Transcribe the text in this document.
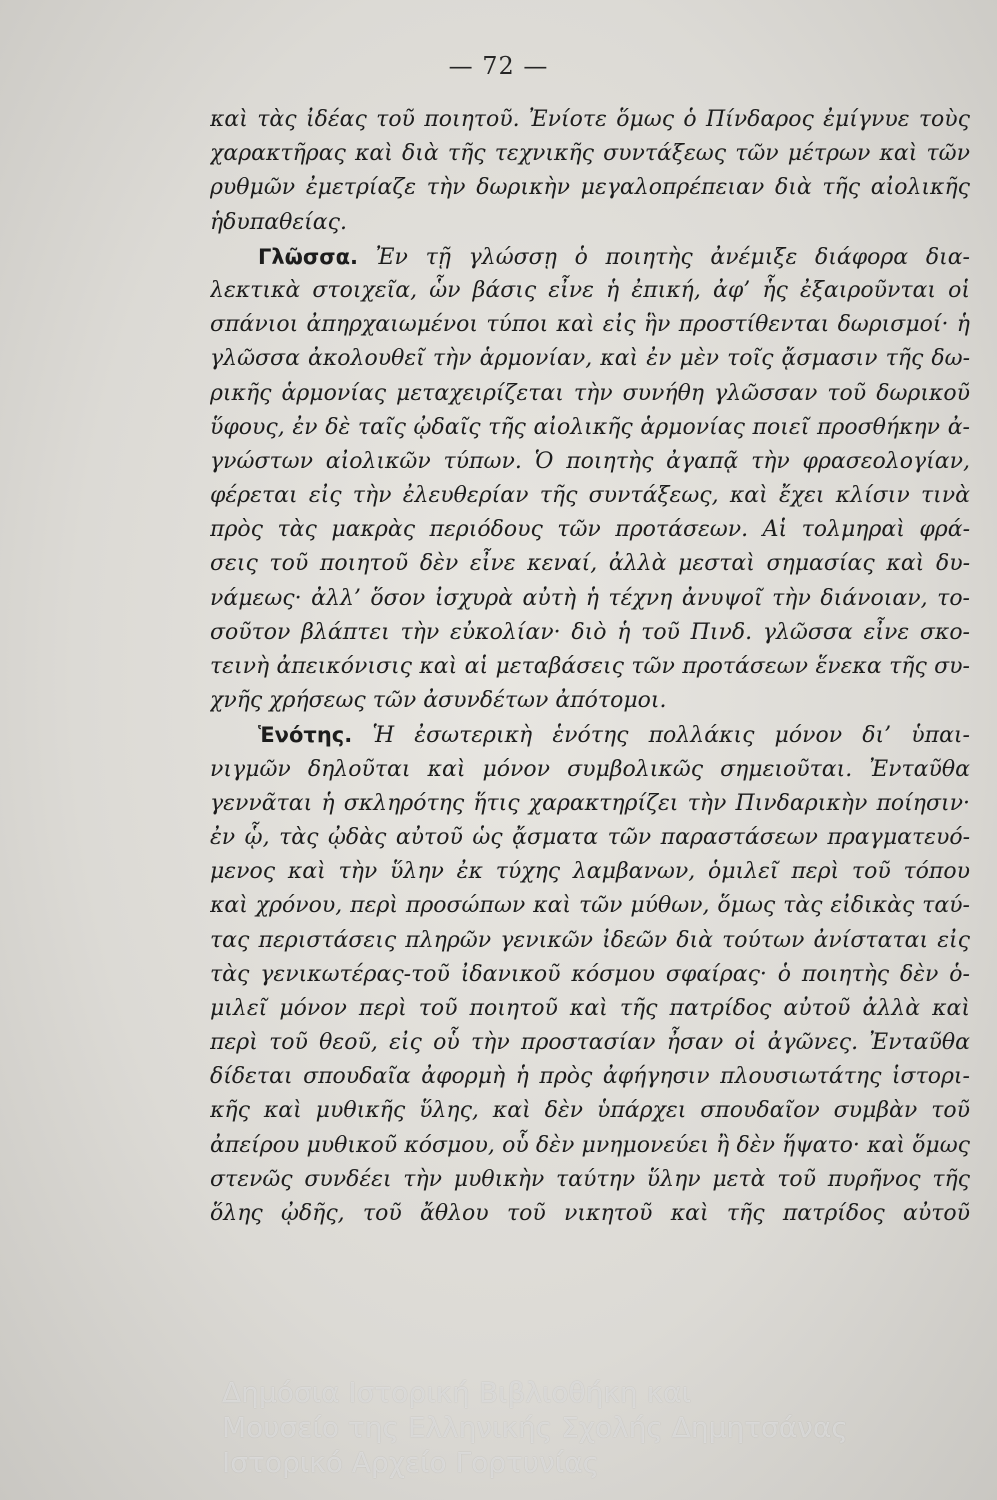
— 72 —
καὶ τὰς ἰδέας τοῦ ποιητοῦ. Ἐνίοτε ὅμως ὁ Πίνδαρος ἐμίγνυε τοὺς
χαρακτῆρας καὶ διὰ τῆς τεχνικῆς συντάξεως τῶν μέτρων καὶ τῶν
ρυθμῶν ἐμετρίαζε τὴν δωρικὴν μεγαλοπρέπειαν διὰ τῆς αἰολικῆς
ἡδυπαθείας.
Γλῶσσα. Ἐν τῇ γλώσσῃ ὁ ποιητὴς ἀνέμιξε διάφορα δια-
λεκτικὰ στοιχεῖα, ὧν βάσις εἶνε ἡ ἐπική, ἀφ’ ἧς ἐξαιροῦνται οἱ
σπάνιοι ἀπηρχαιωμένοι τύποι καὶ εἰς ἣν προστίθενται δωρισμοί· ἡ
γλῶσσα ἀκολουθεῖ τὴν ἁρμονίαν, καὶ ἐν μὲν τοῖς ᾄσμασιν τῆς δω-
ρικῆς ἁρμονίας μεταχειρίζεται τὴν συνήθη γλῶσσαν τοῦ δωρικοῦ
ὕφους, ἐν δὲ ταῖς ᾠδαῖς τῆς αἰολικῆς ἁρμονίας ποιεῖ προσθήκην ἀ-
γνώστων αἰολικῶν τύπων. Ὁ ποιητὴς ἀγαπᾷ τὴν φρασεολογίαν,
φέρεται εἰς τὴν ἐλευθερίαν τῆς συντάξεως, καὶ ἔχει κλίσιν τινὰ
πρὸς τὰς μακρὰς περιόδους τῶν προτάσεων. Αἱ τολμηραὶ φρά-
σεις τοῦ ποιητοῦ δὲν εἶνε κεναί, ἀλλὰ μεσταὶ σημασίας καὶ δυ-
νάμεως· ἀλλ’ ὅσον ἰσχυρὰ αὐτὴ ἡ τέχνη ἀνυψοῖ τὴν διάνοιαν, το-
σοῦτον βλάπτει τὴν εὐκολίαν· διὸ ἡ τοῦ Πινδ. γλῶσσα εἶνε σκο-
τεινὴ ἀπεικόνισις καὶ αἱ μεταβάσεις τῶν προτάσεων ἕνεκα τῆς συ-
χνῆς χρήσεως τῶν ἀσυνδέτων ἀπότομοι.
Ἑνότης. Ἡ ἐσωτερικὴ ἑνότης πολλάκις μόνον δι’ ὑπαι-
νιγμῶν δηλοῦται καὶ μόνον συμβολικῶς σημειοῦται. Ἐνταῦθα
γεννᾶται ἡ σκληρότης ἥτις χαρακτηρίζει τὴν Πινδαρικὴν ποίησιν·
ἐν ᾧ, τὰς ᾠδὰς αὐτοῦ ὡς ᾄσματα τῶν παραστάσεων πραγματευό-
μενος καὶ τὴν ὕλην ἐκ τύχης λαμβανων, ὁμιλεῖ περὶ τοῦ τόπου
καὶ χρόνου, περὶ προσώπων καὶ τῶν μύθων, ὅμως τὰς εἰδικὰς ταύ-
τας περιστάσεις πληρῶν γενικῶν ἰδεῶν διὰ τούτων ἀνίσταται εἰς
τὰς γενικωτέρας-τοῦ ἰδανικοῦ κόσμου σφαίρας· ὁ ποιητὴς δὲν ὁ-
μιλεῖ μόνον περὶ τοῦ ποιητοῦ καὶ τῆς πατρίδος αὐτοῦ ἀλλὰ καὶ
περὶ τοῦ θεοῦ, εἰς οὗ τὴν προστασίαν ἦσαν οἱ ἀγῶνες. Ἐνταῦθα
δίδεται σπουδαῖα ἀφορμὴ ἡ πρὸς ἀφήγησιν πλουσιωτάτης ἱστορι-
κῆς καὶ μυθικῆς ὕλης, καὶ δὲν ὑπάρχει σπουδαῖον συμβὰν τοῦ
ἀπείρου μυθικοῦ κόσμου, οὗ δὲν μνημονεύει ἢ δὲν ἥψατο· καὶ ὅμως
στενῶς συνδέει τὴν μυθικὴν ταύτην ὕλην μετὰ τοῦ πυρῆνος τῆς
ὅλης ᾠδῆς, τοῦ ἄθλου τοῦ νικητοῦ καὶ τῆς πατρίδος αὐτοῦ
Δημόσια Ιστορική Βιβλιοθήκη και
Μουσείο της Ελληνικής Σχολής Δημητσάνας
Ιστορικό Αρχείο Γορτυνίας
